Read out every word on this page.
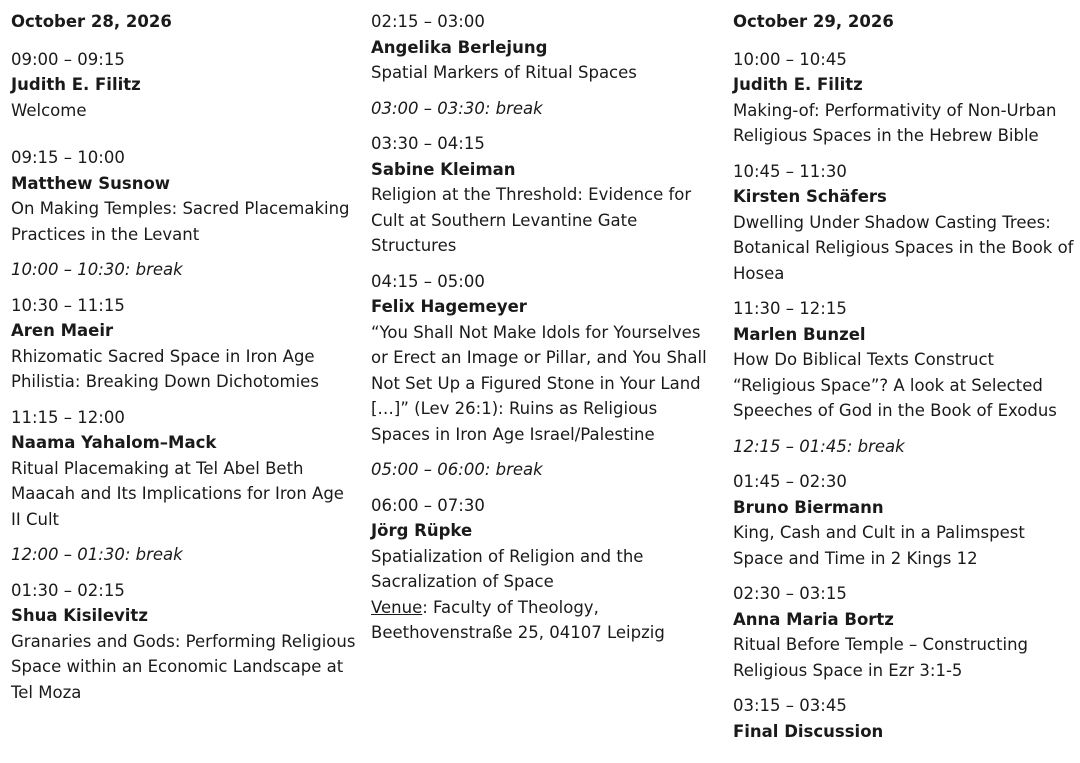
October 28, 2026
09:00 – 09:15
Judith E. Filitz
Welcome
09:15 – 10:00
Matthew Susnow
On Making Temples: Sacred Placemaking Practices in the Levant
10:00 – 10:30: break
10:30 – 11:15
Aren Maeir
Rhizomatic Sacred Space in Iron Age Philistia: Breaking Down Dichotomies
11:15 – 12:00
Naama Yahalom–Mack
Ritual Placemaking at Tel Abel Beth Maacah and Its Implications for Iron Age II Cult
12:00 – 01:30: break
01:30 – 02:15
Shua Kisilevitz
Granaries and Gods: Performing Religious Space within an Economic Landscape at Tel Moza
02:15 – 03:00
Angelika Berlejung
Spatial Markers of Ritual Spaces
03:00 – 03:30: break
03:30 – 04:15
Sabine Kleiman
Religion at the Threshold: Evidence for Cult at Southern Levantine Gate Structures
04:15 – 05:00
Felix Hagemeyer
“You Shall Not Make Idols for Yourselves or Erect an Image or Pillar, and You Shall Not Set Up a Figured Stone in Your Land […]” (Lev 26:1): Ruins as Religious Spaces in Iron Age Israel/Palestine
05:00 – 06:00: break
06:00 – 07:30
Jörg Rüpke
Spatialization of Religion and the Sacralization of Space
Venue: Faculty of Theology, Beethovenstraße 25, 04107 Leipzig
October 29, 2026
10:00 – 10:45
Judith E. Filitz
Making-of: Performativity of Non-Urban Religious Spaces in the Hebrew Bible
10:45 – 11:30
Kirsten Schäfers
Dwelling Under Shadow Casting Trees: Botanical Religious Spaces in the Book of Hosea
11:30 – 12:15
Marlen Bunzel
How Do Biblical Texts Construct “Religious Space”? A look at Selected Speeches of God in the Book of Exodus
12:15 – 01:45: break
01:45 – 02:30
Bruno Biermann
King, Cash and Cult in a Palimspest Space and Time in 2 Kings 12
02:30 – 03:15
Anna Maria Bortz
Ritual Before Temple – Constructing Religious Space in Ezr 3:1-5
03:15 – 03:45
Final Discussion
